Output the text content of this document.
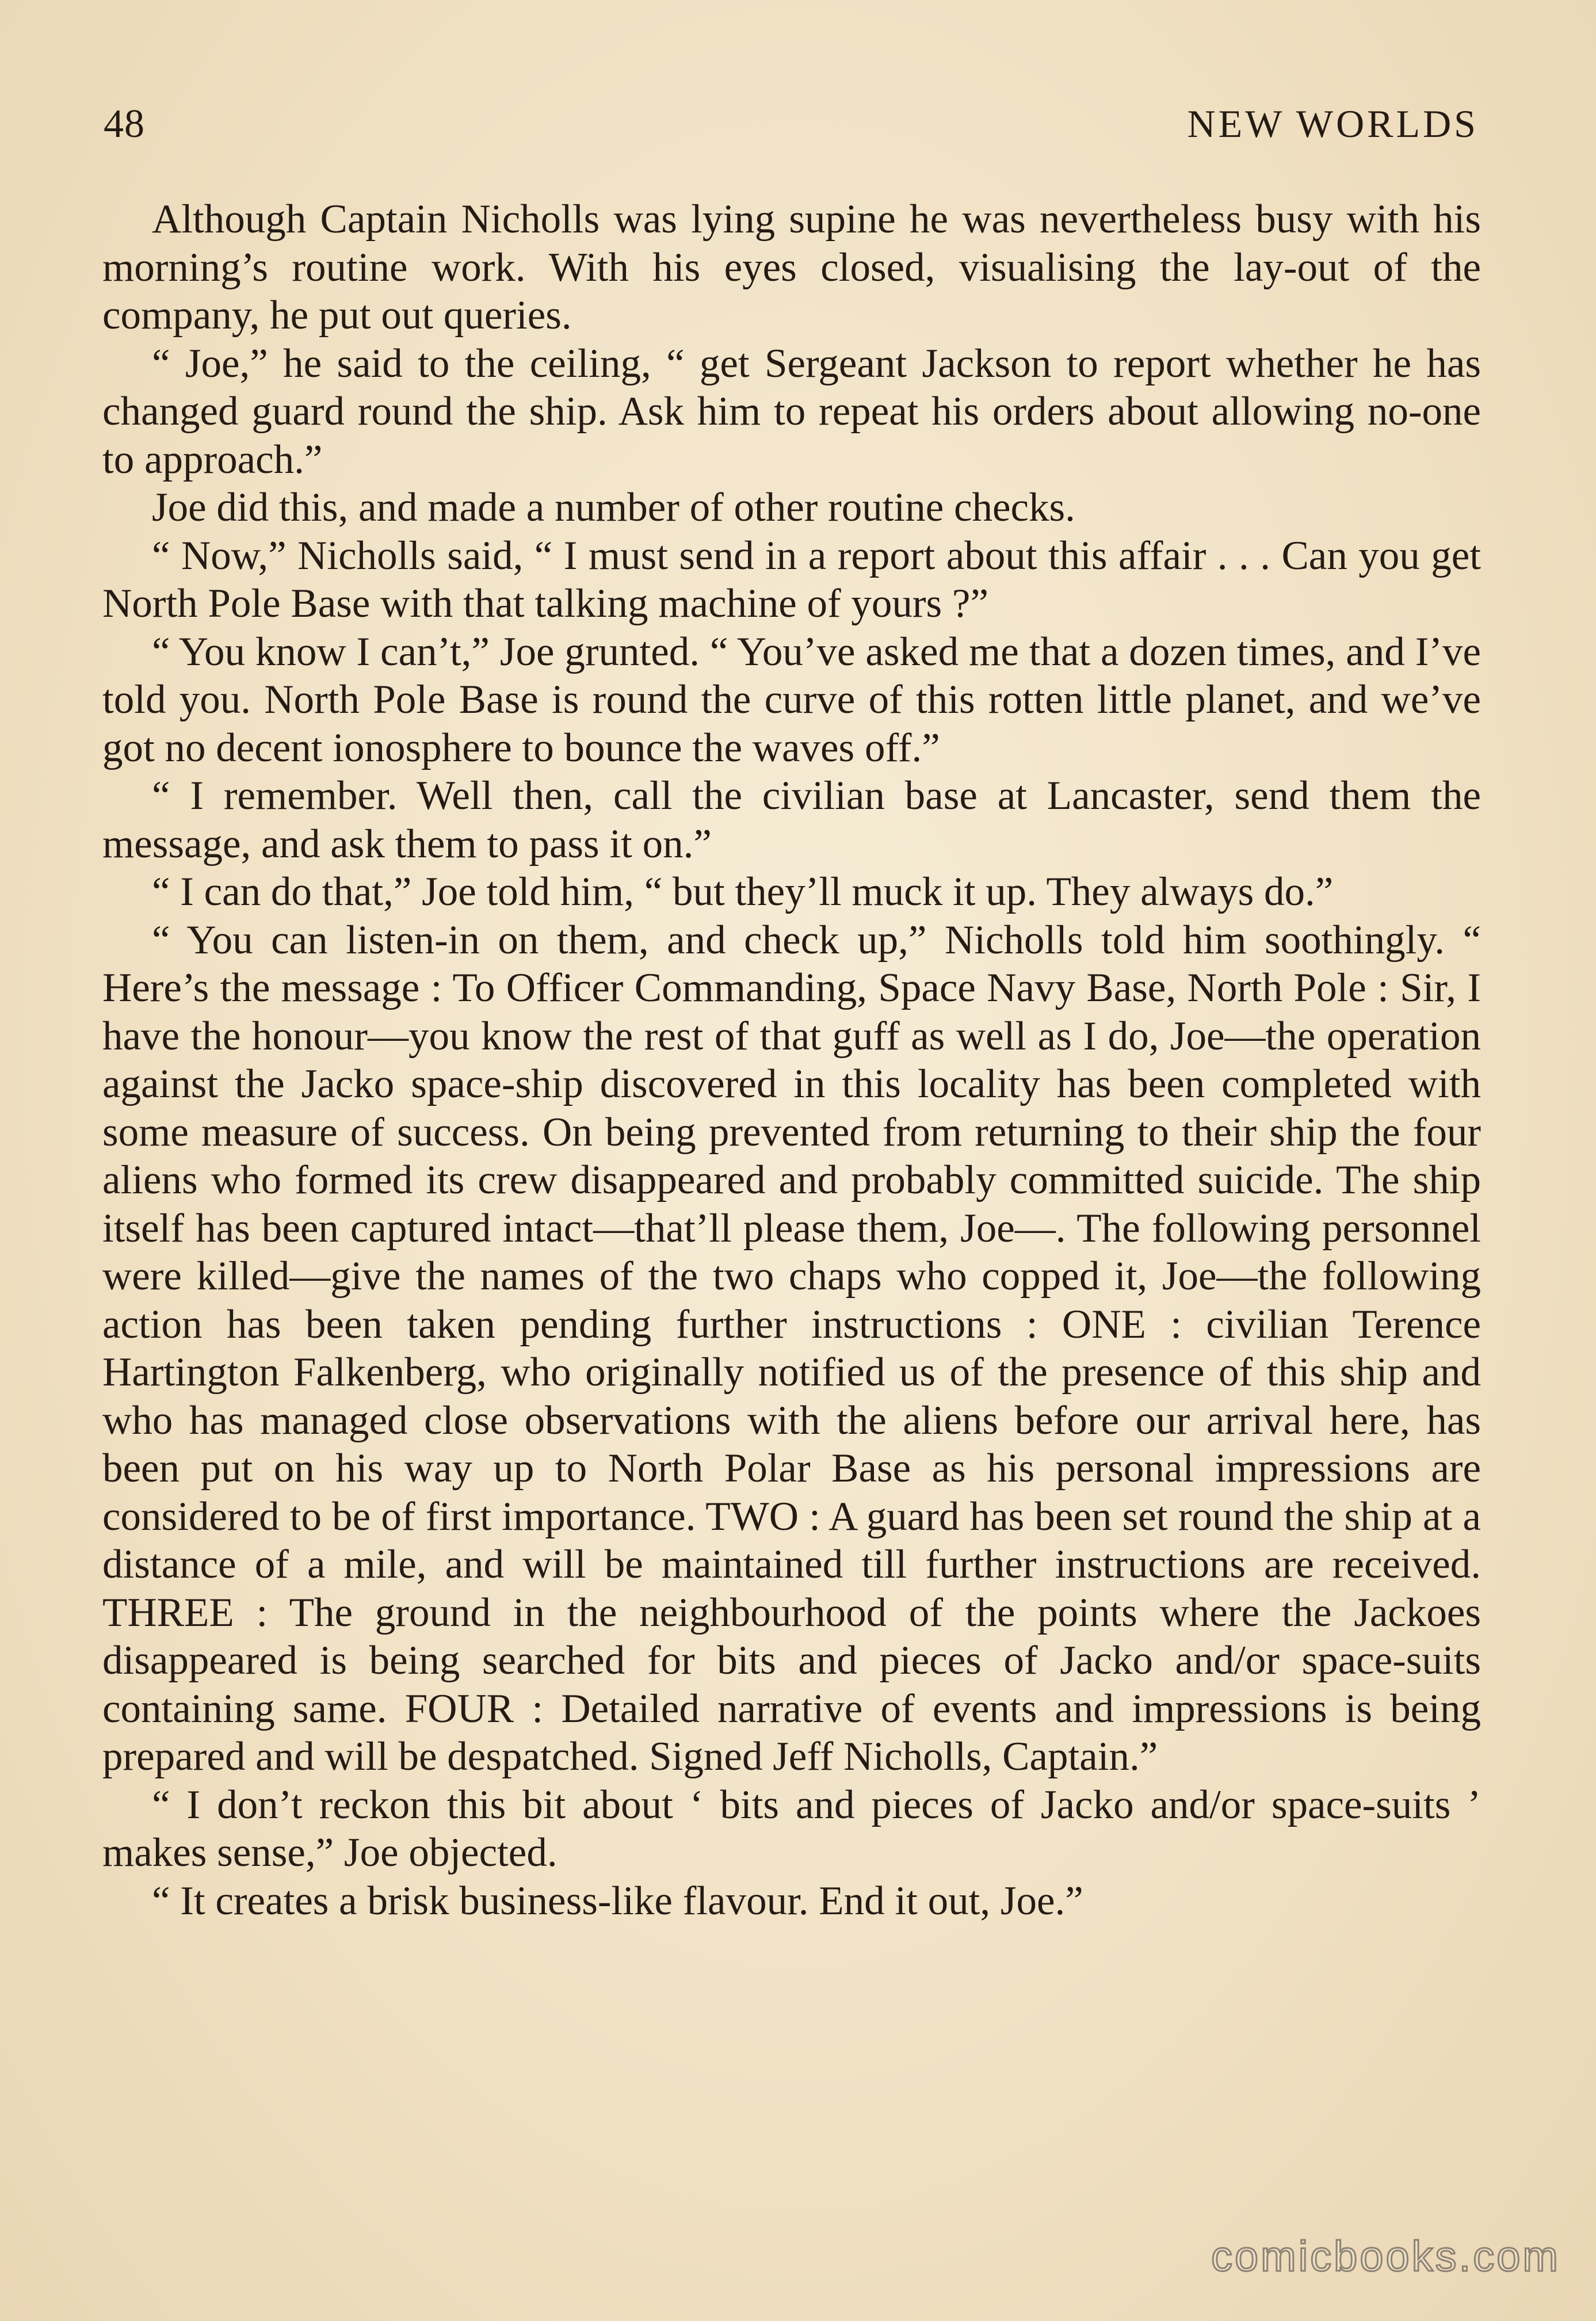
48	NEW WORLDS

Although Captain Nicholls was lying supine he was nevertheless busy with his morning’s routine work. With his eyes closed, visualising the lay-out of the company, he put out queries.

“ Joe,” he said to the ceiling, “ get Sergeant Jackson to report whether he has changed guard round the ship. Ask him to repeat his orders about allowing no-one to approach.”

Joe did this, and made a number of other routine checks.

“ Now,” Nicholls said, “ I must send in a report about this affair . . . Can you get North Pole Base with that talking machine of yours ?”

“ You know I can’t,” Joe grunted. “ You’ve asked me that a dozen times, and I’ve told you. North Pole Base is round the curve of this rotten little planet, and we’ve got no decent ionosphere to bounce the waves off.”

“ I remember. Well then, call the civilian base at Lancaster, send them the message, and ask them to pass it on.”

“ I can do that,” Joe told him, “ but they’ll muck it up. They always do.”

“ You can listen-in on them, and check up,” Nicholls told him soothingly. “ Here’s the message : To Officer Commanding, Space Navy Base, North Pole : Sir, I have the honour—you know the rest of that guff as well as I do, Joe—the operation against the Jacko space-ship discovered in this locality has been completed with some measure of success. On being prevented from returning to their ship the four aliens who formed its crew disappeared and probably committed suicide. The ship itself has been captured intact—that’ll please them, Joe—. The following personnel were killed—give the names of the two chaps who copped it, Joe—the following action has been taken pending further instructions : ONE : civilian Terence Hartington Falkenberg, who originally notified us of the presence of this ship and who has managed close observations with the aliens before our arrival here, has been put on his way up to North Polar Base as his personal impressions are considered to be of first importance. TWO : A guard has been set round the ship at a distance of a mile, and will be maintained till further instructions are received. THREE : The ground in the neighbourhood of the points where the Jackoes disappeared is being searched for bits and pieces of Jacko and/or space-suits containing same. FOUR : Detailed narrative of events and impressions is being prepared and will be despatched. Signed Jeff Nicholls, Captain.”

“ I don’t reckon this bit about ‘ bits and pieces of Jacko and/or space-suits ’ makes sense,” Joe objected.

“ It creates a brisk business-like flavour. End it out, Joe.”

comicbooks.com
